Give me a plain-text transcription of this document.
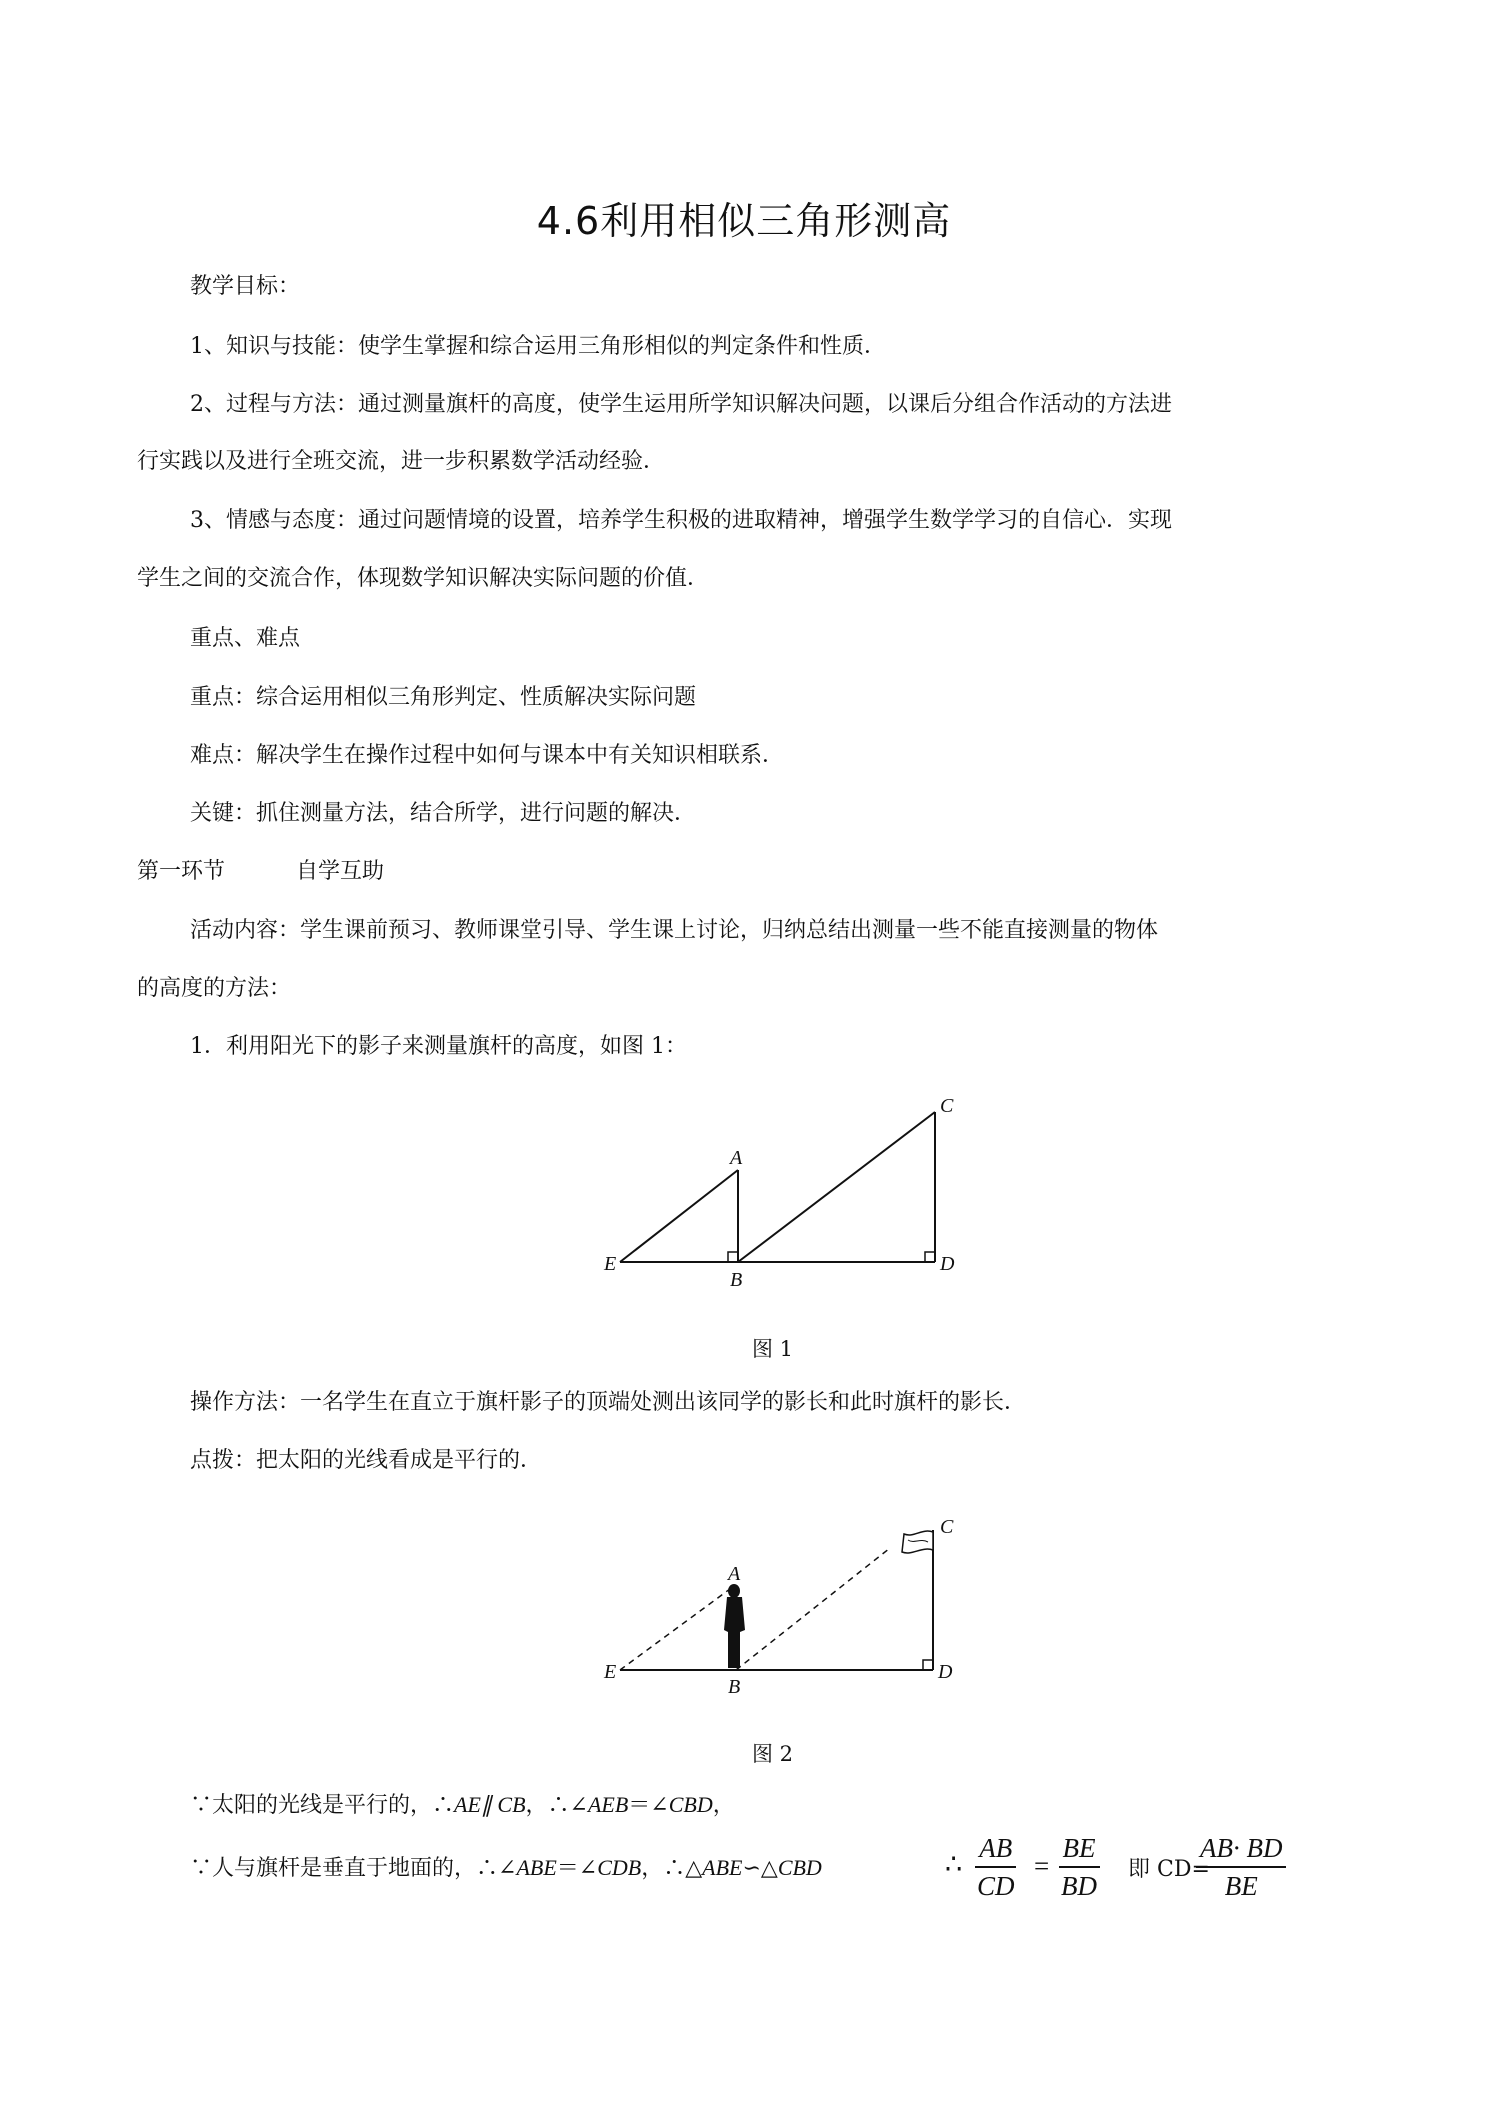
4.6利用相似三角形测高
教学目标：
1、知识与技能：使学生掌握和综合运用三角形相似的判定条件和性质．
2、过程与方法：通过测量旗杆的高度，使学生运用所学知识解决问题，以课后分组合作活动的方法进
行实践以及进行全班交流，进一步积累数学活动经验．
3、情感与态度：通过问题情境的设置，培养学生积极的进取精神，增强学生数学学习的自信心．实现
学生之间的交流合作，体现数学知识解决实际问题的价值．
重点、难点
重点：综合运用相似三角形判定、性质解决实际问题
难点：解决学生在操作过程中如何与课本中有关知识相联系．
关键：抓住测量方法，结合所学，进行问题的解决．
第一环节	自学互助
活动内容：学生课前预习、教师课堂引导、学生课上讨论，归纳总结出测量一些不能直接测量的物体
的高度的方法：
1．利用阳光下的影子来测量旗杆的高度，如图 1：
A
B
C
D
E
图 1
操作方法：一名学生在直立于旗杆影子的顶端处测出该同学的影长和此时旗杆的影长．
点拨：把太阳的光线看成是平行的．
A
B
C
D
E
图 2
∵太阳的光线是平行的，∴AE∥ CB，∴∠AEB＝∠CBD，
∵人与旗杆是垂直于地面的，∴∠ABE＝∠CDB，∴△ABE∽△CBD	∴ $\frac{AB}{CD} = \frac{BE}{BD}$ 即 CD=
$\frac{AB\cdot BD}{BE}$
